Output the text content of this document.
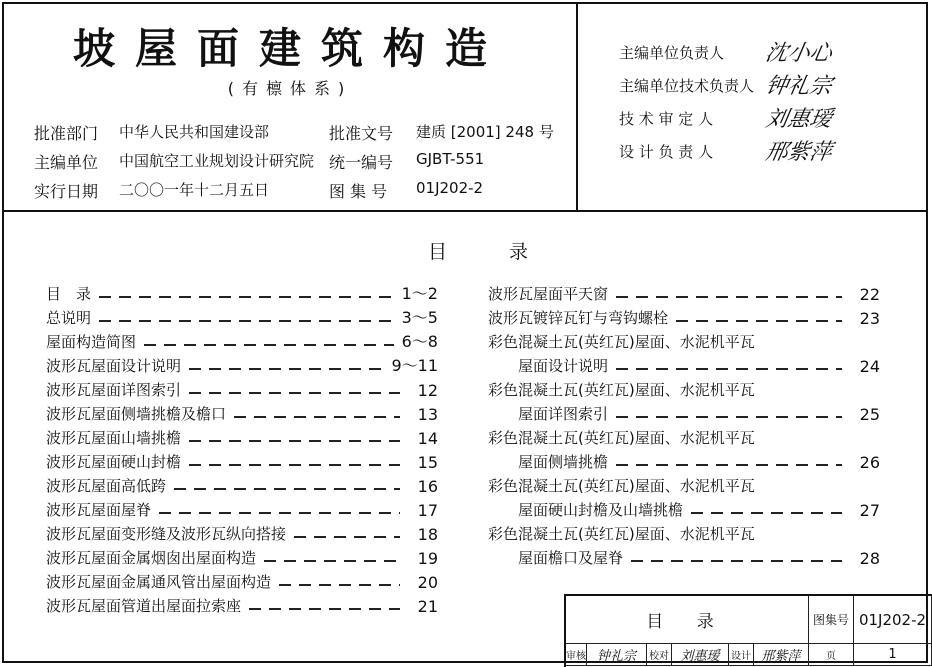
坡屋面建筑构造
(有檩体系)
批准部门 中华人民共和国建设部
主编单位 中国航空工业规划设计研究院
实行日期 二〇〇一年十二月五日
批准文号 建质 [2001] 248 号
统一编号 GJBT-551
图 集 号 01J202-2
主编单位负责人 沈小心
主编单位技术负责人 钟礼宗
技 术 审 定 人 刘惠瑷
设 计 负 责 人 邢紫萍
目 录
目　录	1～2
总说明	3～5
屋面构造简图	6～8
波形瓦屋面设计说明	9～11
波形瓦屋面详图索引	12
波形瓦屋面侧墙挑檐及檐口	13
波形瓦屋面山墙挑檐	14
波形瓦屋面硬山封檐	15
波形瓦屋面高低跨	16
波形瓦屋面屋脊	17
波形瓦屋面变形缝及波形瓦纵向搭接	18
波形瓦屋面金属烟囱出屋面构造	19
波形瓦屋面金属通风管出屋面构造	20
波形瓦屋面管道出屋面拉索座	21
波形瓦屋面平天窗	22
波形瓦镀锌瓦钉与弯钩螺栓	23
彩色混凝土瓦(英红瓦)屋面、水泥机平瓦
屋面设计说明	24
彩色混凝土瓦(英红瓦)屋面、水泥机平瓦
屋面详图索引	25
彩色混凝土瓦(英红瓦)屋面、水泥机平瓦
屋面侧墙挑檐	26
彩色混凝土瓦(英红瓦)屋面、水泥机平瓦
屋面硬山封檐及山墙挑檐	27
彩色混凝土瓦(英红瓦)屋面、水泥机平瓦
屋面檐口及屋脊	28
目 录	图集号 01J202-2
审核 钟礼宗	校对 刘惠瑷	设计 邢紫萍	页	1
